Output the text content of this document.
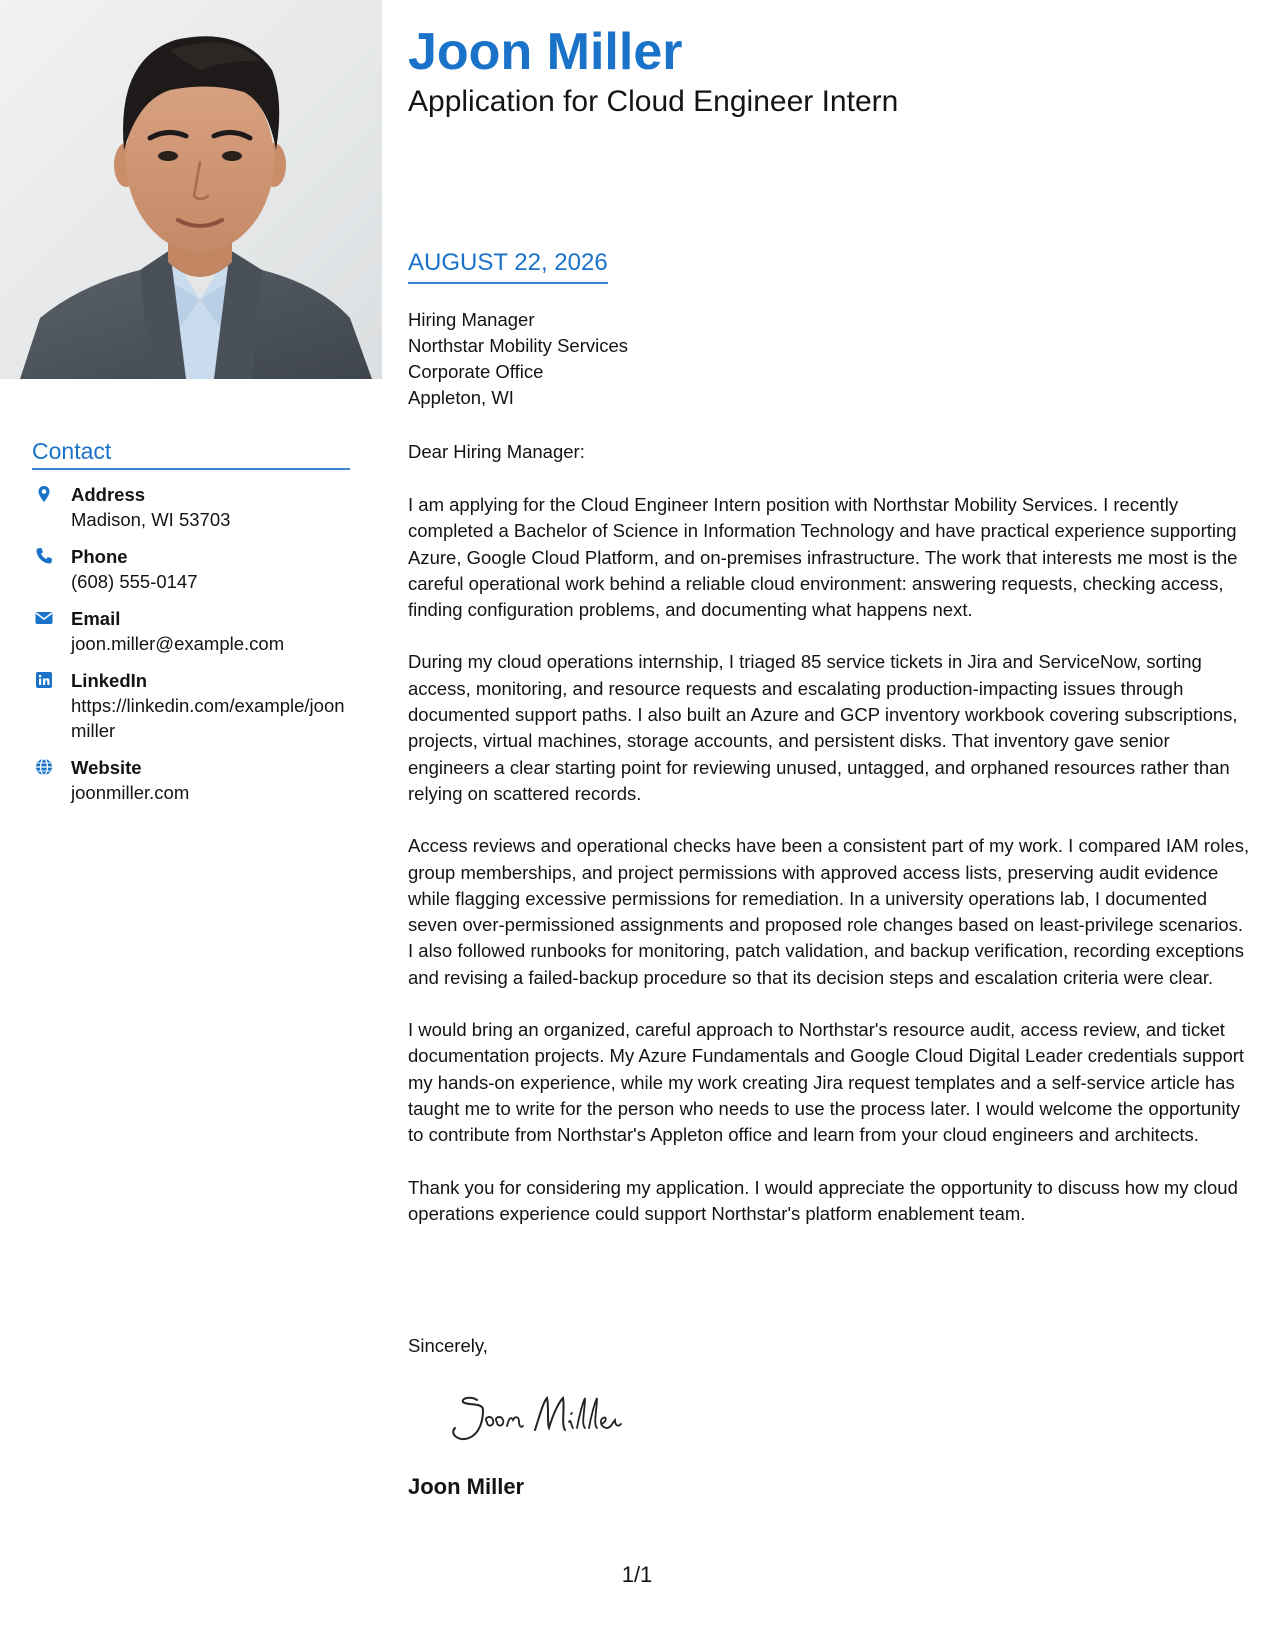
Contact
Address
Madison, WI 53703
Phone
(608) 555-0147
Email
joon.miller@example.com
LinkedIn
https://linkedin.com/example/joonmiller
Website
joonmiller.com
Joon Miller
Application for Cloud Engineer Intern
AUGUST 22, 2026
Hiring Manager
Northstar Mobility Services
Corporate Office
Appleton, WI
Dear Hiring Manager:

I am applying for the Cloud Engineer Intern position with Northstar Mobility Services. I recently completed a Bachelor of Science in Information Technology and have practical experience supporting Azure, Google Cloud Platform, and on-premises infrastructure. The work that interests me most is the careful operational work behind a reliable cloud environment: answering requests, checking access, finding configuration problems, and documenting what happens next.

During my cloud operations internship, I triaged 85 service tickets in Jira and ServiceNow, sorting access, monitoring, and resource requests and escalating production-impacting issues through documented support paths. I also built an Azure and GCP inventory workbook covering subscriptions, projects, virtual machines, storage accounts, and persistent disks. That inventory gave senior engineers a clear starting point for reviewing unused, untagged, and orphaned resources rather than relying on scattered records.

Access reviews and operational checks have been a consistent part of my work. I compared IAM roles, group memberships, and project permissions with approved access lists, preserving audit evidence while flagging excessive permissions for remediation. In a university operations lab, I documented seven over-permissioned assignments and proposed role changes based on least-privilege scenarios. I also followed runbooks for monitoring, patch validation, and backup verification, recording exceptions and revising a failed-backup procedure so that its decision steps and escalation criteria were clear.

I would bring an organized, careful approach to Northstar's resource audit, access review, and ticket documentation projects. My Azure Fundamentals and Google Cloud Digital Leader credentials support my hands-on experience, while my work creating Jira request templates and a self-service article has taught me to write for the person who needs to use the process later. I would welcome the opportunity to contribute from Northstar's Appleton office and learn from your cloud engineers and architects.

Thank you for considering my application. I would appreciate the opportunity to discuss how my cloud operations experience could support Northstar's platform enablement team.

Sincerely,
Joon Miller
1/1
